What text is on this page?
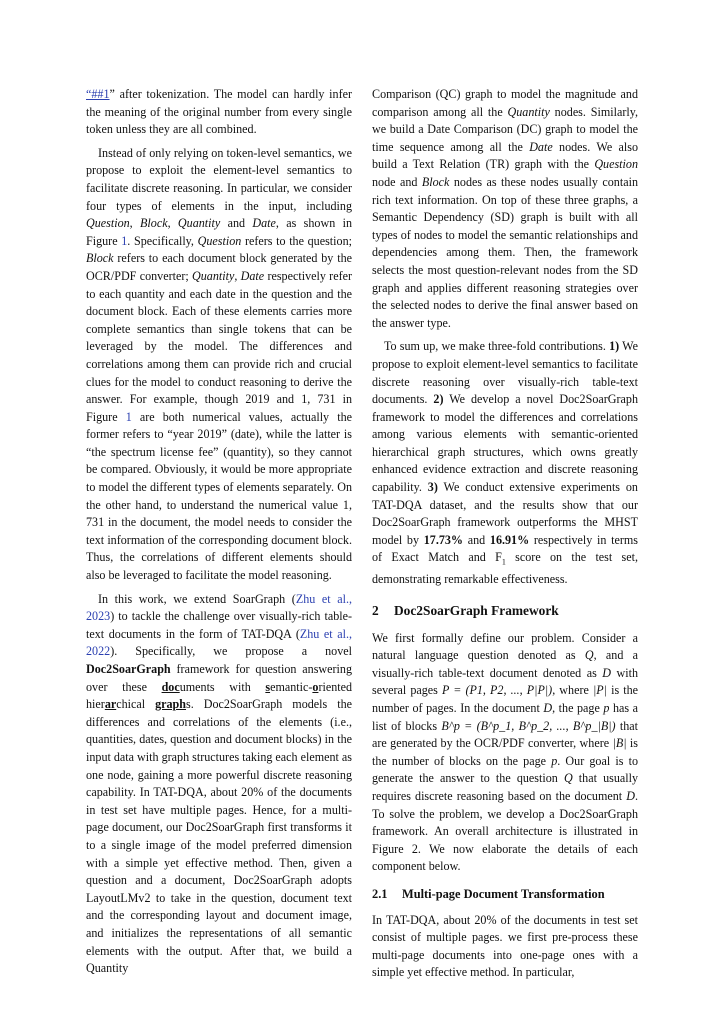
“##1” after tokenization. The model can hardly infer the meaning of the original number from every single token unless they are all combined.

Instead of only relying on token-level semantics, we propose to exploit the element-level semantics to facilitate discrete reasoning. In particular, we consider four types of elements in the input, including Question, Block, Quantity and Date, as shown in Figure 1. Specifically, Question refers to the question; Block refers to each document block generated by the OCR/PDF converter; Quantity, Date respectively refer to each quantity and each date in the question and the document block. Each of these elements carries more complete semantics than single tokens that can be leveraged by the model. The differences and correlations among them can provide rich and crucial clues for the model to conduct reasoning to derive the answer. For example, though 2019 and 1, 731 in Figure 1 are both numerical values, actually the former refers to “year 2019” (date), while the latter is “the spectrum license fee” (quantity), so they cannot be compared. Obviously, it would be more appropriate to model the different types of elements separately. On the other hand, to understand the numerical value 1, 731 in the document, the model needs to consider the text information of the corresponding document block. Thus, the correlations of different elements should also be leveraged to facilitate the model reasoning.

In this work, we extend SoarGraph (Zhu et al., 2023) to tackle the challenge over visually-rich table-text documents in the form of TAT-DQA (Zhu et al., 2022). Specifically, we propose a novel Doc2SoarGraph framework for question answering over these documents with semantic-oriented hierarchical graphs. Doc2SoarGraph models the differences and correlations of the elements (i.e., quantities, dates, question and document blocks) in the input data with graph structures taking each element as one node, gaining a more powerful discrete reasoning capability. In TAT-DQA, about 20% of the documents in test set have multiple pages. Hence, for a multi-page document, our Doc2SoarGraph first transforms it to a single image of the model preferred dimension with a simple yet effective method. Then, given a question and a document, Doc2SoarGraph adopts LayoutLMv2 to take in the question, document text and the corresponding layout and document image, and initializes the representations of all semantic elements with the output. After that, we build a Quantity

Comparison (QC) graph to model the magnitude and comparison among all the Quantity nodes. Similarly, we build a Date Comparison (DC) graph to model the time sequence among all the Date nodes. We also build a Text Relation (TR) graph with the Question node and Block nodes as these nodes usually contain rich text information. On top of these three graphs, a Semantic Dependency (SD) graph is built with all types of nodes to model the semantic relationships and dependencies among them. Then, the framework selects the most question-relevant nodes from the SD graph and applies different reasoning strategies over the selected nodes to derive the final answer based on the answer type.

To sum up, we make three-fold contributions. 1) We propose to exploit element-level semantics to facilitate discrete reasoning over visually-rich table-text documents. 2) We develop a novel Doc2SoarGraph framework to model the differences and correlations among various elements with semantic-oriented hierarchical graph structures, which owns greatly enhanced evidence extraction and discrete reasoning capability. 3) We conduct extensive experiments on TAT-DQA dataset, and the results show that our Doc2SoarGraph framework outperforms the MHST model by 17.73% and 16.91% respectively in terms of Exact Match and $F_1$ score on the test set, demonstrating remarkable effectiveness.

2 Doc2SoarGraph Framework

We first formally define our problem. Consider a natural language question denoted as Q, and a visually-rich table-text document denoted as D with several pages P = (P1, P2, ..., P|P|), where |P| is the number of pages. In the document D, the page p has a list of blocks B^p = (B^p_1, B^p_2, ..., B^p_|B|) that are generated by the OCR/PDF converter, where |B| is the number of blocks on the page p. Our goal is to generate the answer to the question Q that usually requires discrete reasoning based on the document D. To solve the problem, we develop a Doc2SoarGraph framework. An overall architecture is illustrated in Figure 2. We now elaborate the details of each component below.

2.1 Multi-page Document Transformation

In TAT-DQA, about 20% of the documents in test set consist of multiple pages. we first pre-process these multi-page documents into one-page ones with a simple yet effective method. In particular,
